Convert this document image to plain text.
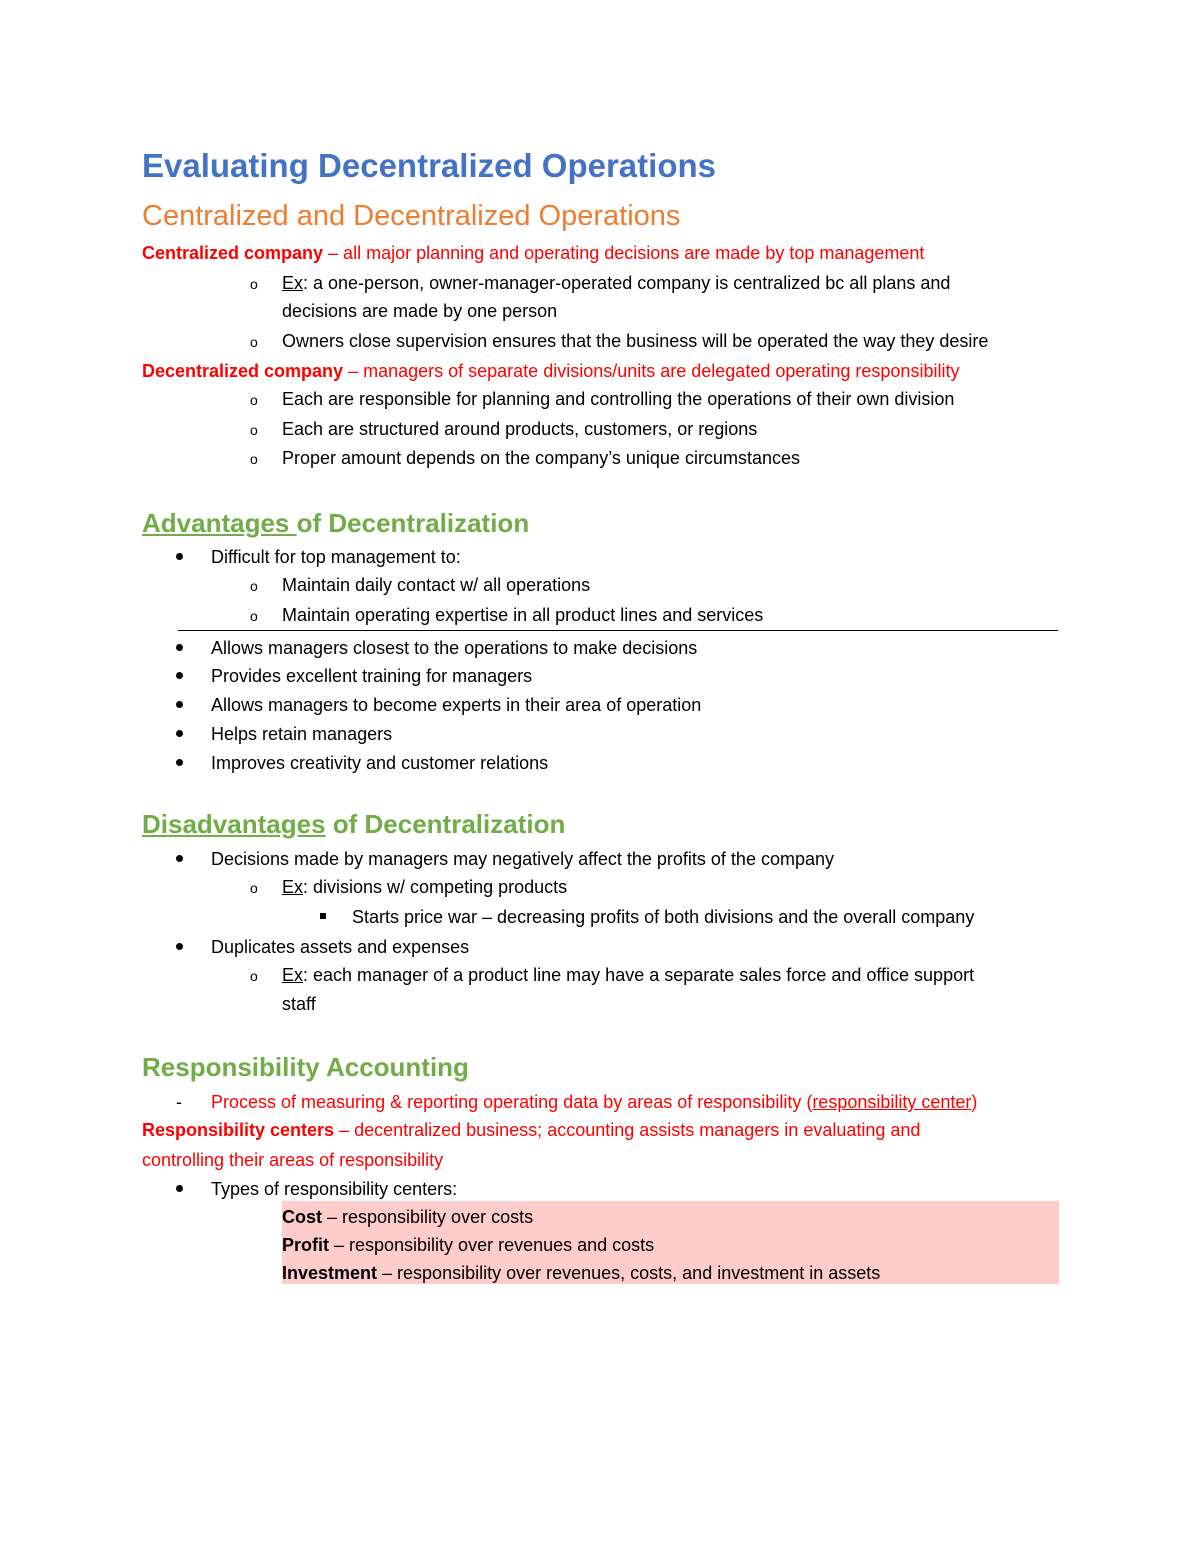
Evaluating Decentralized Operations
Centralized and Decentralized Operations
Centralized company – all major planning and operating decisions are made by top management
o Ex: a one-person, owner-manager-operated company is centralized bc all plans and
decisions are made by one person
o Owners close supervision ensures that the business will be operated the way they desire
Decentralized company – managers of separate divisions/units are delegated operating responsibility
o Each are responsible for planning and controlling the operations of their own division
o Each are structured around products, customers, or regions
o Proper amount depends on the company’s unique circumstances
Advantages of Decentralization
Difficult for top management to:
o Maintain daily contact w/ all operations
o Maintain operating expertise in all product lines and services
Allows managers closest to the operations to make decisions
Provides excellent training for managers
Allows managers to become experts in their area of operation
Helps retain managers
Improves creativity and customer relations
Disadvantages of Decentralization
Decisions made by managers may negatively affect the profits of the company
o Ex: divisions w/ competing products
Starts price war – decreasing profits of both divisions and the overall company
Duplicates assets and expenses
o Ex: each manager of a product line may have a separate sales force and office support
staff
Responsibility Accounting
- Process of measuring & reporting operating data by areas of responsibility (responsibility center)
Responsibility centers – decentralized business; accounting assists managers in evaluating and
controlling their areas of responsibility
Types of responsibility centers:
Cost – responsibility over costs
Profit – responsibility over revenues and costs
Investment – responsibility over revenues, costs, and investment in assets
